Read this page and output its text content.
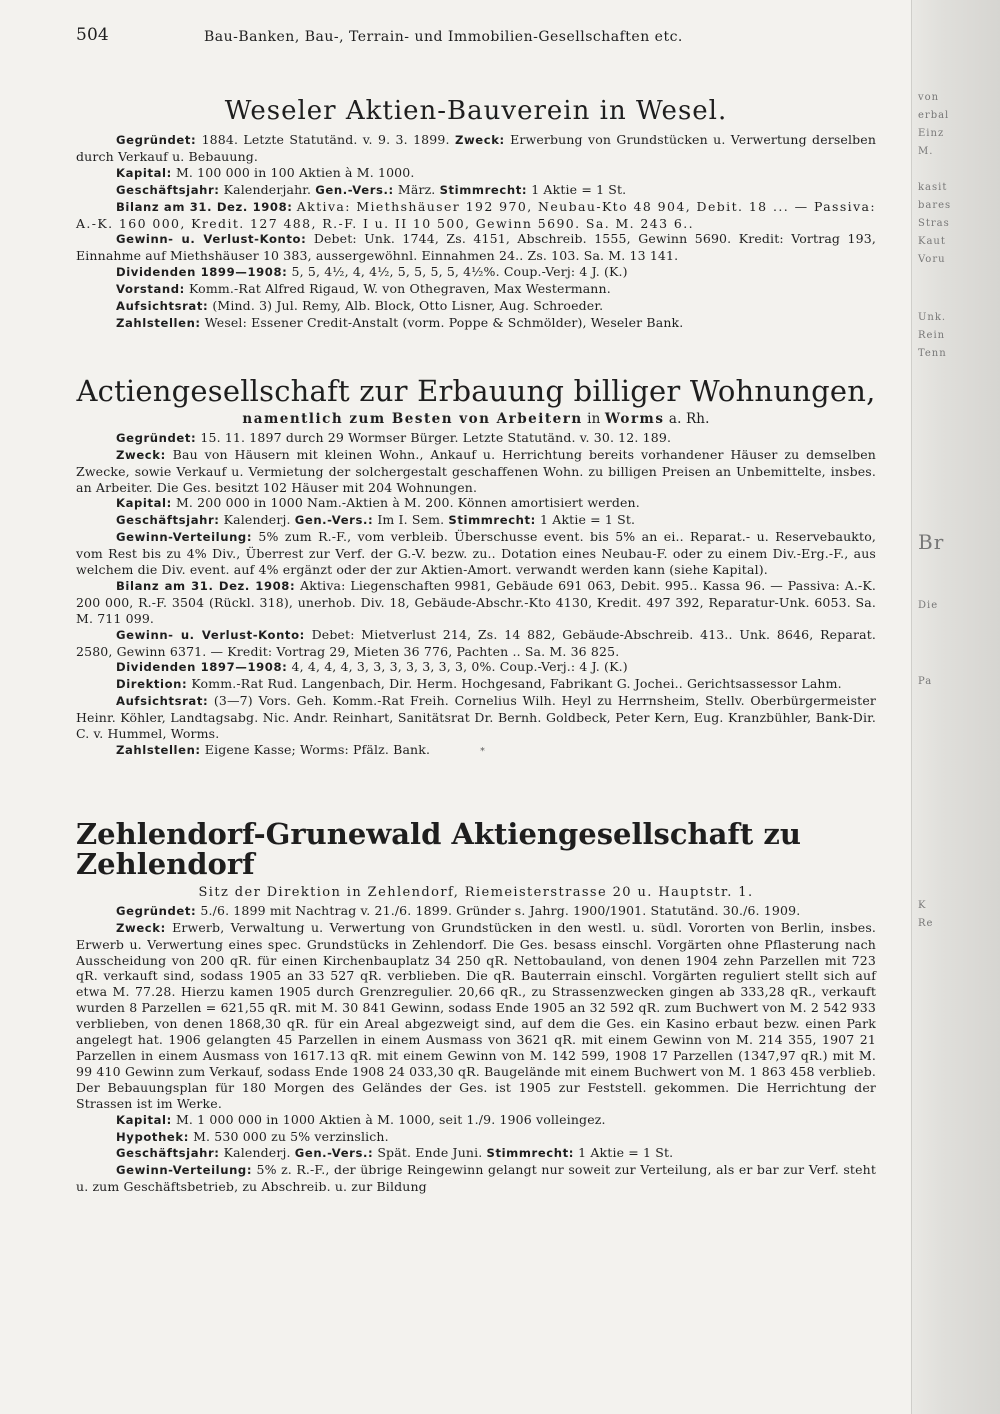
von
erbal
Einz
M.
kasit
bares
Stras
Kaut
Voru
Unk.
Rein
Tenn
Br
Die
Pa
K
Re
504	Bau-Banken, Bau-, Terrain- und Immobilien-Gesellschaften etc.
Weseler Aktien-Bauverein in Wesel.

Gegründet: 1884. Letzte Statutänd. v. 9. 3. 1899. Zweck: Erwerbung von Grundstücken u. Verwertung derselben durch Verkauf u. Bebauung.

Kapital: M. 100 000 in 100 Aktien à M. 1000.

Geschäftsjahr: Kalenderjahr. Gen.-Vers.: März. Stimmrecht: 1 Aktie = 1 St.

Bilanz am 31. Dez. 1908: Aktiva: Miethshäuser 192 970, Neubau-Kto 48 904, Debit. 18 ... — Passiva: A.-K. 160 000, Kredit. 127 488, R.-F. I u. II 10 500, Gewinn 5690. Sa. M. 243 6..

Gewinn- u. Verlust-Konto: Debet: Unk. 1744, Zs. 4151, Abschreib. 1555, Gewinn 5690. Kredit: Vortrag 193, Einnahme auf Miethshäuser 10 383, aussergewöhnl. Einnahmen 24.. Zs. 103. Sa. M. 13 141.

Dividenden 1899—1908: 5, 5, 4½, 4, 4½, 5, 5, 5, 5, 4½%. Coup.-Verj: 4 J. (K.)

Vorstand: Komm.-Rat Alfred Rigaud, W. von Othegraven, Max Westermann.

Aufsichtsrat: (Mind. 3) Jul. Remy, Alb. Block, Otto Lisner, Aug. Schroeder.

Zahlstellen: Wesel: Essener Credit-Anstalt (vorm. Poppe & Schmölder), Weseler Bank.

Actiengesellschaft zur Erbauung billiger Wohnungen,
namentlich zum Besten von Arbeitern in Worms a. Rh.

Gegründet: 15. 11. 1897 durch 29 Wormser Bürger. Letzte Statutänd. v. 30. 12. 189.

Zweck: Bau von Häusern mit kleinen Wohn., Ankauf u. Herrichtung bereits vorhandener Häuser zu demselben Zwecke, sowie Verkauf u. Vermietung der solchergestalt geschaffenen Wohn. zu billigen Preisen an Unbemittelte, insbes. an Arbeiter. Die Ges. besitzt 102 Häuser mit 204 Wohnungen.

Kapital: M. 200 000 in 1000 Nam.-Aktien à M. 200. Können amortisiert werden.

Geschäftsjahr: Kalenderj. Gen.-Vers.: Im I. Sem. Stimmrecht: 1 Aktie = 1 St.

Gewinn-Verteilung: 5% zum R.-F., vom verbleib. Überschusse event. bis 5% an ei.. Reparat.- u. Reservebaukto, vom Rest bis zu 4% Div., Überrest zur Verf. der G.-V. bezw. zu.. Dotation eines Neubau-F. oder zu einem Div.-Erg.-F., aus welchem die Div. event. auf 4% ergänzt oder der zur Aktien-Amort. verwandt werden kann (siehe Kapital).

Bilanz am 31. Dez. 1908: Aktiva: Liegenschaften 9981, Gebäude 691 063, Debit. 995.. Kassa 96. — Passiva: A.-K. 200 000, R.-F. 3504 (Rückl. 318), unerhob. Div. 18, Gebäude-Abschr.-Kto 4130, Kredit. 497 392, Reparatur-Unk. 6053. Sa. M. 711 099.

Gewinn- u. Verlust-Konto: Debet: Mietverlust 214, Zs. 14 882, Gebäude-Abschreib. 413.. Unk. 8646, Reparat. 2580, Gewinn 6371. — Kredit: Vortrag 29, Mieten 36 776, Pachten .. Sa. M. 36 825.

Dividenden 1897—1908: 4, 4, 4, 4, 3, 3, 3, 3, 3, 3, 3, 0%. Coup.-Verj.: 4 J. (K.)

Direktion: Komm.-Rat Rud. Langenbach, Dir. Herm. Hochgesand, Fabrikant G. Jochei.. Gerichtsassessor Lahm.

Aufsichtsrat: (3—7) Vors. Geh. Komm.-Rat Freih. Cornelius Wilh. Heyl zu Herrnsheim, Stellv. Oberbürgermeister Heinr. Köhler, Landtagsabg. Nic. Andr. Reinhart, Sanitätsrat Dr. Bernh. Goldbeck, Peter Kern, Eug. Kranzbühler, Bank-Dir. C. v. Hummel, Worms.

Zahlstellen: Eigene Kasse; Worms: Pfälz. Bank.	*

Zehlendorf-Grunewald Aktiengesellschaft zu Zehlendorf
Sitz der Direktion in Zehlendorf, Riemeisterstrasse 20 u. Hauptstr. 1.

Gegründet: 5./6. 1899 mit Nachtrag v. 21./6. 1899. Gründer s. Jahrg. 1900/1901. Statutänd. 30./6. 1909.

Zweck: Erwerb, Verwaltung u. Verwertung von Grundstücken in den westl. u. südl. Vororten von Berlin, insbes. Erwerb u. Verwertung eines spec. Grundstücks in Zehlendorf. Die Ges. besass einschl. Vorgärten ohne Pflasterung nach Ausscheidung von 200 qR. für einen Kirchenbauplatz 34 250 qR. Nettobauland, von denen 1904 zehn Parzellen mit 723 qR. verkauft sind, sodass 1905 an 33 527 qR. verblieben. Die qR. Bauterrain einschl. Vorgärten reguliert stellt sich auf etwa M. 77.28. Hierzu kamen 1905 durch Grenzregulier. 20,66 qR., zu Strassenzwecken gingen ab 333,28 qR., verkauft wurden 8 Parzellen = 621,55 qR. mit M. 30 841 Gewinn, sodass Ende 1905 an 32 592 qR. zum Buchwert von M. 2 542 933 verblieben, von denen 1868,30 qR. für ein Areal abgezweigt sind, auf dem die Ges. ein Kasino erbaut bezw. einen Park angelegt hat. 1906 gelangten 45 Parzellen in einem Ausmass von 3621 qR. mit einem Gewinn von M. 214 355, 1907 21 Parzellen in einem Ausmass von 1617.13 qR. mit einem Gewinn von M. 142 599, 1908 17 Parzellen (1347,97 qR.) mit M. 99 410 Gewinn zum Verkauf, sodass Ende 1908 24 033,30 qR. Baugelände mit einem Buchwert von M. 1 863 458 verblieb. Der Bebauungsplan für 180 Morgen des Geländes der Ges. ist 1905 zur Feststell. gekommen. Die Herrichtung der Strassen ist im Werke.

Kapital: M. 1 000 000 in 1000 Aktien à M. 1000, seit 1./9. 1906 volleingez.

Hypothek: M. 530 000 zu 5% verzinslich.

Geschäftsjahr: Kalenderj. Gen.-Vers.: Spät. Ende Juni. Stimmrecht: 1 Aktie = 1 St.

Gewinn-Verteilung: 5% z. R.-F., der übrige Reingewinn gelangt nur soweit zur Verteilung, als er bar zur Verf. steht u. zum Geschäftsbetrieb, zu Abschreib. u. zur Bildung
